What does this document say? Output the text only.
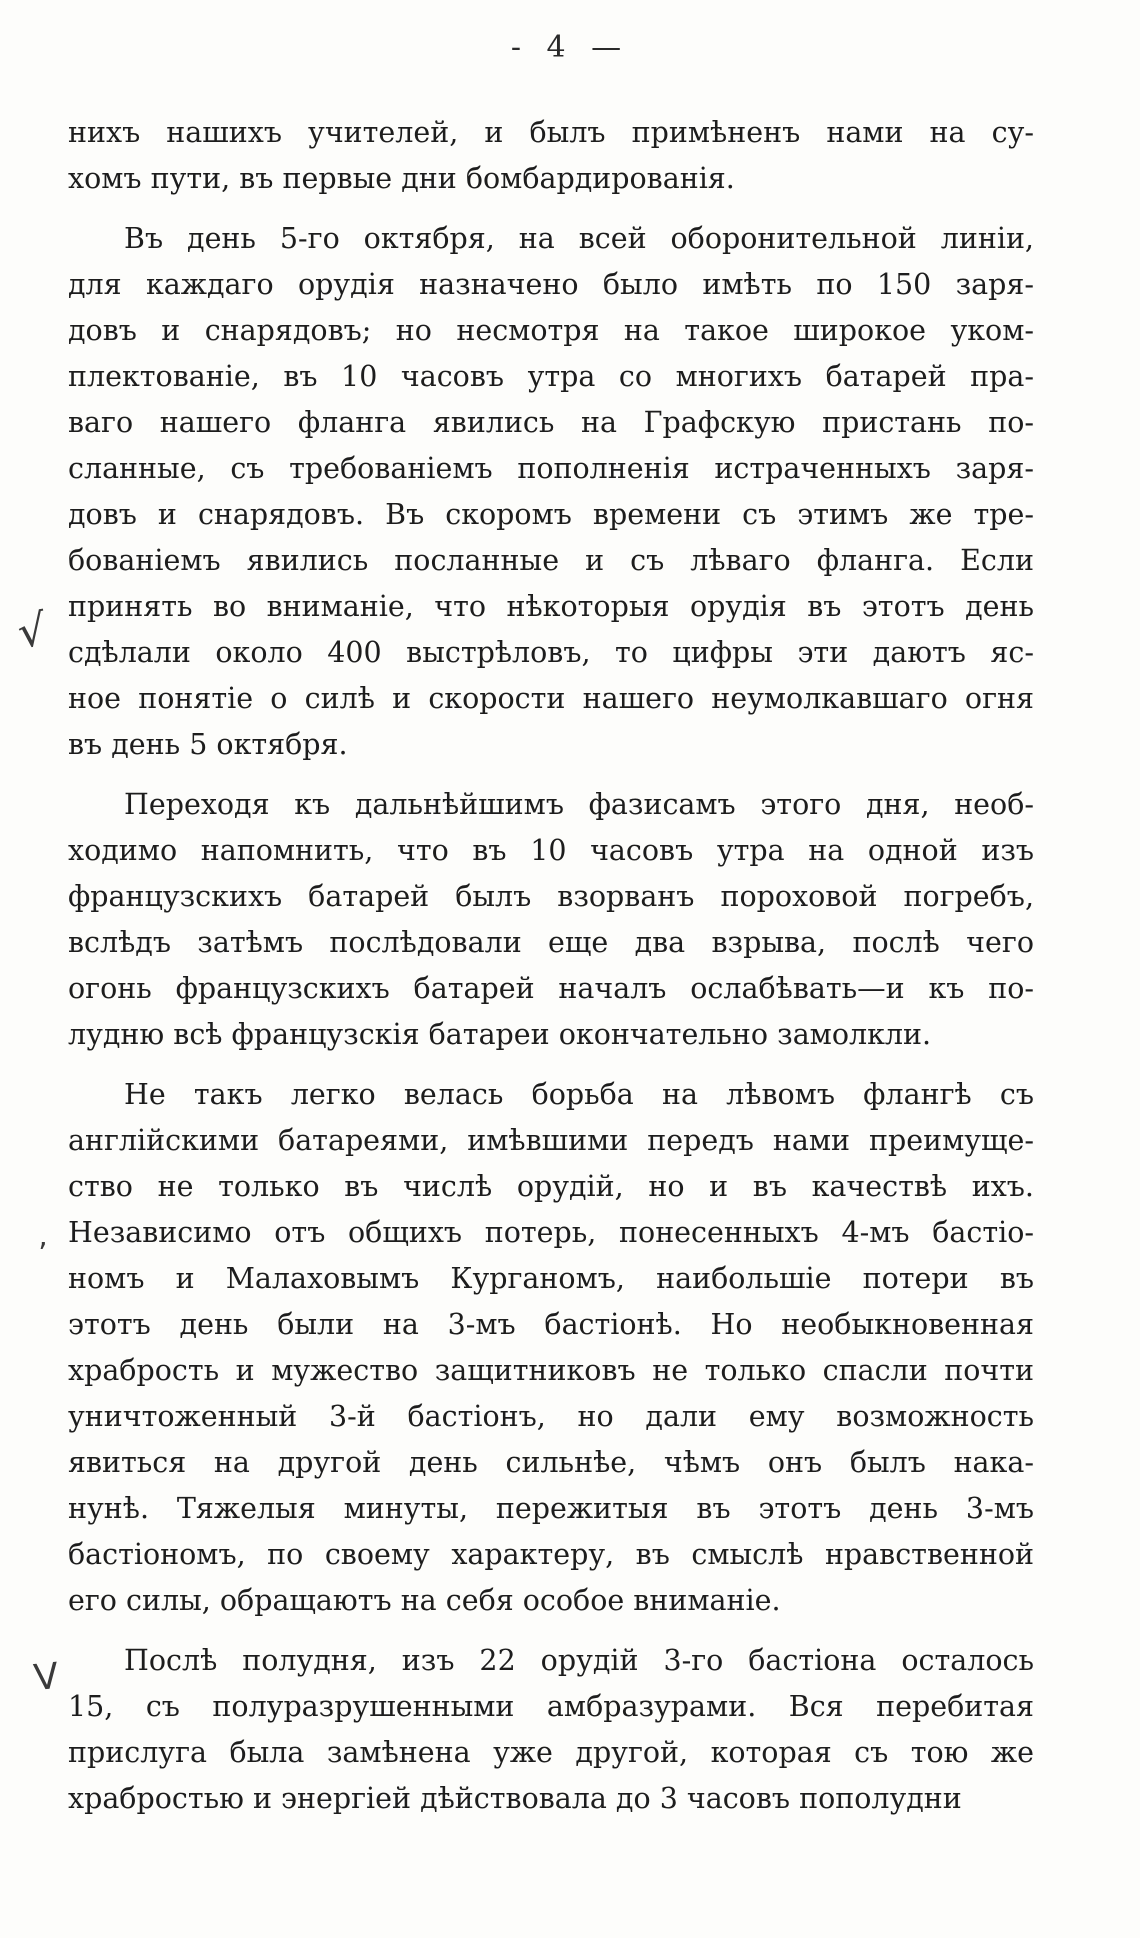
- 4 —
√
ʼ
V
нихъ нашихъ учителей, и былъ примѣненъ нами на су-
хомъ пути, въ первые дни бомбардированія.
Въ день 5-го октября, на всей оборонительной линіи,
для каждаго орудія назначено было имѣть по 150 заря-
довъ и снарядовъ; но несмотря на такое широкое уком-
плектованіе, въ 10 часовъ утра со многихъ батарей пра-
ваго нашего фланга явились на Графскую пристань по-
сланные, съ требованіемъ пополненія истраченныхъ заря-
довъ и снарядовъ. Въ скоромъ времени съ этимъ же тре-
бованіемъ явились посланные и съ лѣваго фланга. Если
принять во вниманіе, что нѣкоторыя орудія въ этотъ день
сдѣлали около 400 выстрѣловъ, то цифры эти даютъ яс-
ное понятіе о силѣ и скорости нашего неумолкавшаго огня
въ день 5 октября.
Переходя къ дальнѣйшимъ фазисамъ этого дня, необ-
ходимо напомнить, что въ 10 часовъ утра на одной изъ
французскихъ батарей былъ взорванъ пороховой погребъ,
вслѣдъ затѣмъ послѣдовали еще два взрыва, послѣ чего
огонь французскихъ батарей началъ ослабѣвать—и къ по-
лудню всѣ французскія батареи окончательно замолкли.
Не такъ легко велась борьба на лѣвомъ флангѣ съ
англійскими батареями, имѣвшими передъ нами преимуще-
ство не только въ числѣ орудій, но и въ качествѣ ихъ.
Независимо отъ общихъ потерь, понесенныхъ 4-мъ бастіо-
номъ и Малаховымъ Курганомъ, наибольшіе потери въ
этотъ день были на 3-мъ бастіонѣ. Но необыкновенная
храбрость и мужество защитниковъ не только спасли почти
уничтоженный 3-й бастіонъ, но дали ему возможность
явиться на другой день сильнѣе, чѣмъ онъ былъ нака-
нунѣ. Тяжелыя минуты, пережитыя въ этотъ день 3-мъ
бастіономъ, по своему характеру, въ смыслѣ нравственной
его силы, обращаютъ на себя особое вниманіе.
Послѣ полудня, изъ 22 орудій 3-го бастіона осталось
15, съ полуразрушенными амбразурами. Вся перебитая
прислуга была замѣнена уже другой, которая съ тою же
храбростью и энергіей дѣйствовала до 3 часовъ пополудни
